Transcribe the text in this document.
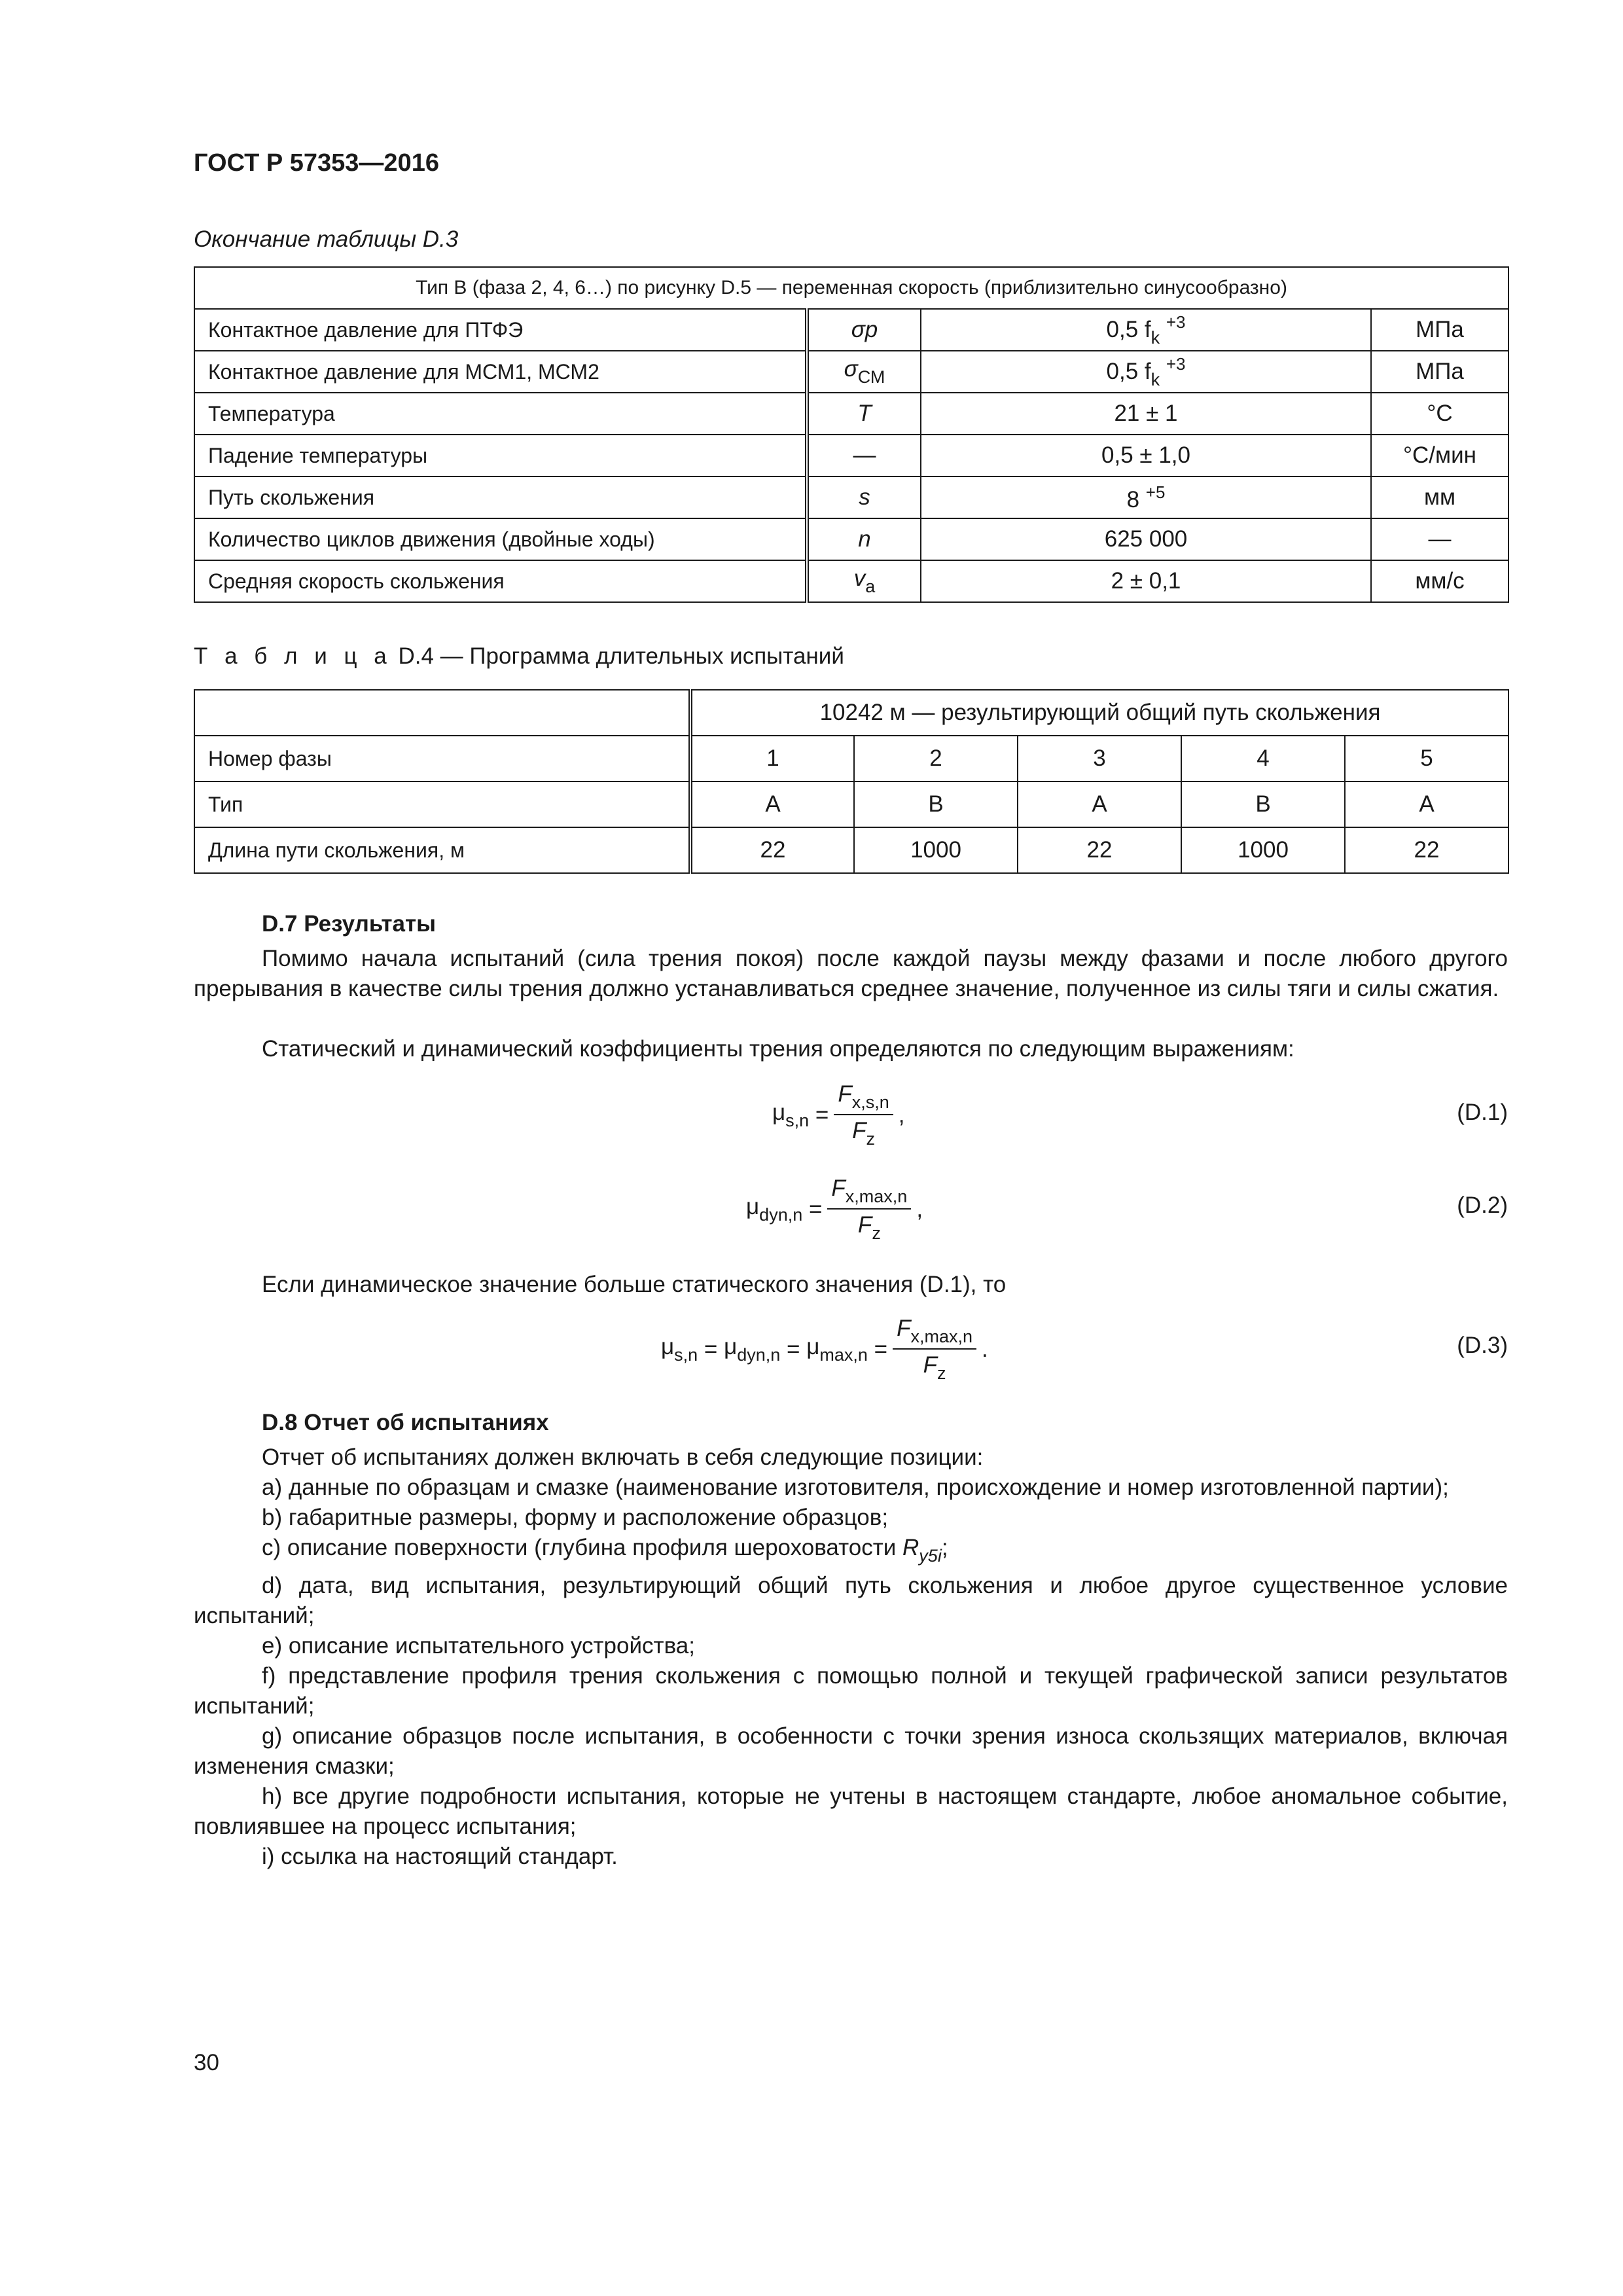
ГОСТ Р 57353—2016
Окончание таблицы D.3
Тип B (фаза 2, 4, 6…) по рисунку D.5 — переменная скорость (приблизительно синусообразно)			
Контактное давление для ПТФЭ	σp	0,5 $f_k$ $^{+3}$	МПа
Контактное давление для МСМ1, МСМ2	$\sigma_{СМ}$	0,5 $f_k$ $^{+3}$	МПа
Температура	T	21 ± 1	°C
Падение температуры	—	0,5 ± 1,0	°C/мин
Путь скольжения	s	8 $^{+5}$	мм
Количество циклов движения (двойные ходы)	n	625 000	—
Средняя скорость скольжения	$v_a$	2 ± 0,1	мм/с
Т а б л и ц а D.4 — Программа длительных испытаний
	10242 м — результирующий общий путь скольжения				
Номер фазы	1	2	3	4	5
Тип	A	B	A	B	A
Длина пути скольжения, м	22	1000	22	1000	22
D.7 Результаты
Помимо начала испытаний (сила трения покоя) после каждой паузы между фазами и после любого другого прерывания в качестве силы трения должно устанавливаться среднее значение, полученное из силы тяги и силы сжатия.
Статический и динамический коэффициенты трения определяются по следующим выражениям:
$\mu_{s,n} = \frac{F_{x,s,n}}{F_z}$ ,	(D.1)
$\mu_{dyn,n} = \frac{F_{x,max,n}}{F_z}$ ,	(D.2)
Если динамическое значение больше статического значения (D.1), то
$\mu_{s,n} = \mu_{dyn,n} = \mu_{max,n} = \frac{F_{x,max,n}}{F_z}$ .	(D.3)
D.8 Отчет об испытаниях
Отчет об испытаниях должен включать в себя следующие позиции:
a) данные по образцам и смазке (наименование изготовителя, происхождение и номер изготовленной партии);
b) габаритные размеры, форму и расположение образцов;
c) описание поверхности (глубина профиля шероховатости $R_{y5i}$;
d) дата, вид испытания, результирующий общий путь скольжения и любое другое существенное условие испытаний;
e) описание испытательного устройства;
f) представление профиля трения скольжения с помощью полной и текущей графической записи результатов испытаний;
g) описание образцов после испытания, в особенности с точки зрения износа скользящих материалов, включая изменения смазки;
h) все другие подробности испытания, которые не учтены в настоящем стандарте, любое аномальное событие, повлиявшее на процесс испытания;
i) ссылка на настоящий стандарт.
30
